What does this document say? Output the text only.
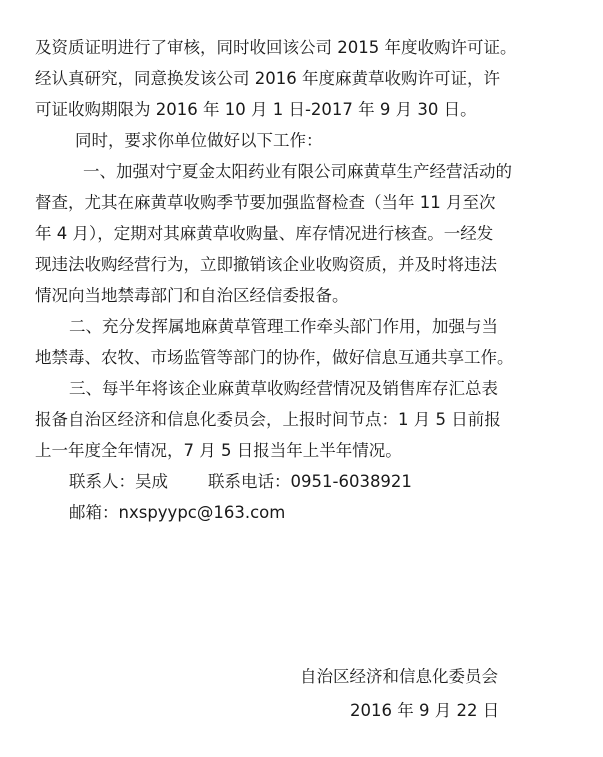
及资质证明进行了审核，同时收回该公司 2015 年度收购许可证。
经认真研究，同意换发该公司 2016 年度麻黄草收购许可证，许
可证收购期限为 2016 年 10 月 1 日-2017 年 9 月 30 日。
同时，要求你单位做好以下工作：
一、加强对宁夏金太阳药业有限公司麻黄草生产经营活动的
督查，尤其在麻黄草收购季节要加强监督检查（当年 11 月至次
年 4 月），定期对其麻黄草收购量、库存情况进行核查。一经发
现违法收购经营行为，立即撤销该企业收购资质，并及时将违法
情况向当地禁毒部门和自治区经信委报备。
二、充分发挥属地麻黄草管理工作牵头部门作用，加强与当
地禁毒、农牧、市场监管等部门的协作，做好信息互通共享工作。
三、每半年将该企业麻黄草收购经营情况及销售库存汇总表
报备自治区经济和信息化委员会，上报时间节点：1 月 5 日前报
上一年度全年情况，7 月 5 日报当年上半年情况。
联系人：吴成 联系电话：0951-6038921
邮箱：nxspyypc@163.com
自治区经济和信息化委员会
2016 年 9 月 22 日
